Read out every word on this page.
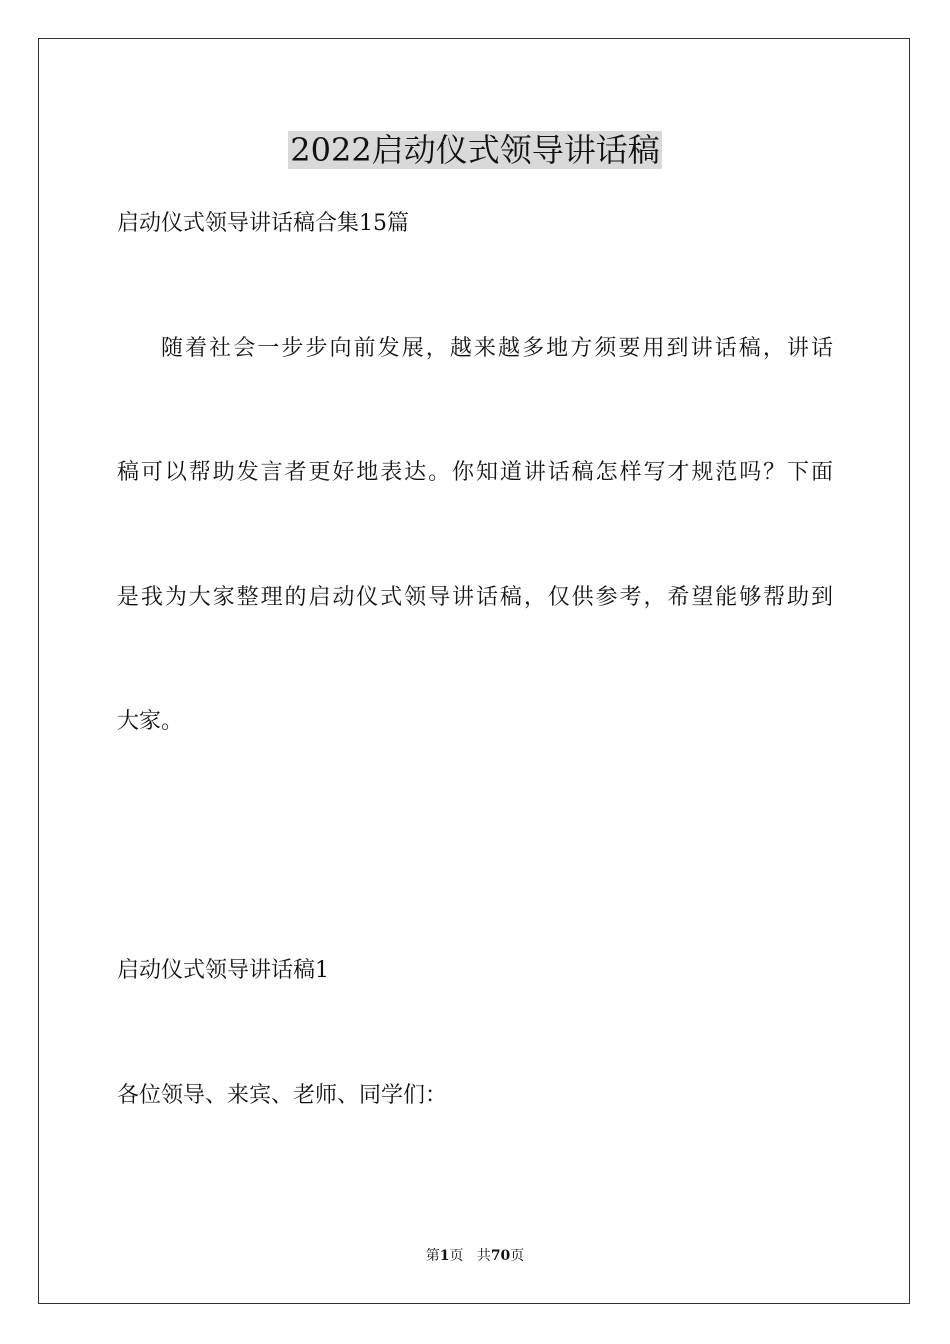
2022启动仪式领导讲话稿
启动仪式领导讲话稿合集15篇
随着社会一步步向前发展，越来越多地方须要用到讲话稿，讲话
稿可以帮助发言者更好地表达。你知道讲话稿怎样写才规范吗？下面
是我为大家整理的启动仪式领导讲话稿，仅供参考，希望能够帮助到
大家。
启动仪式领导讲话稿1
各位领导、来宾、老师、同学们：
第1页 共70页
